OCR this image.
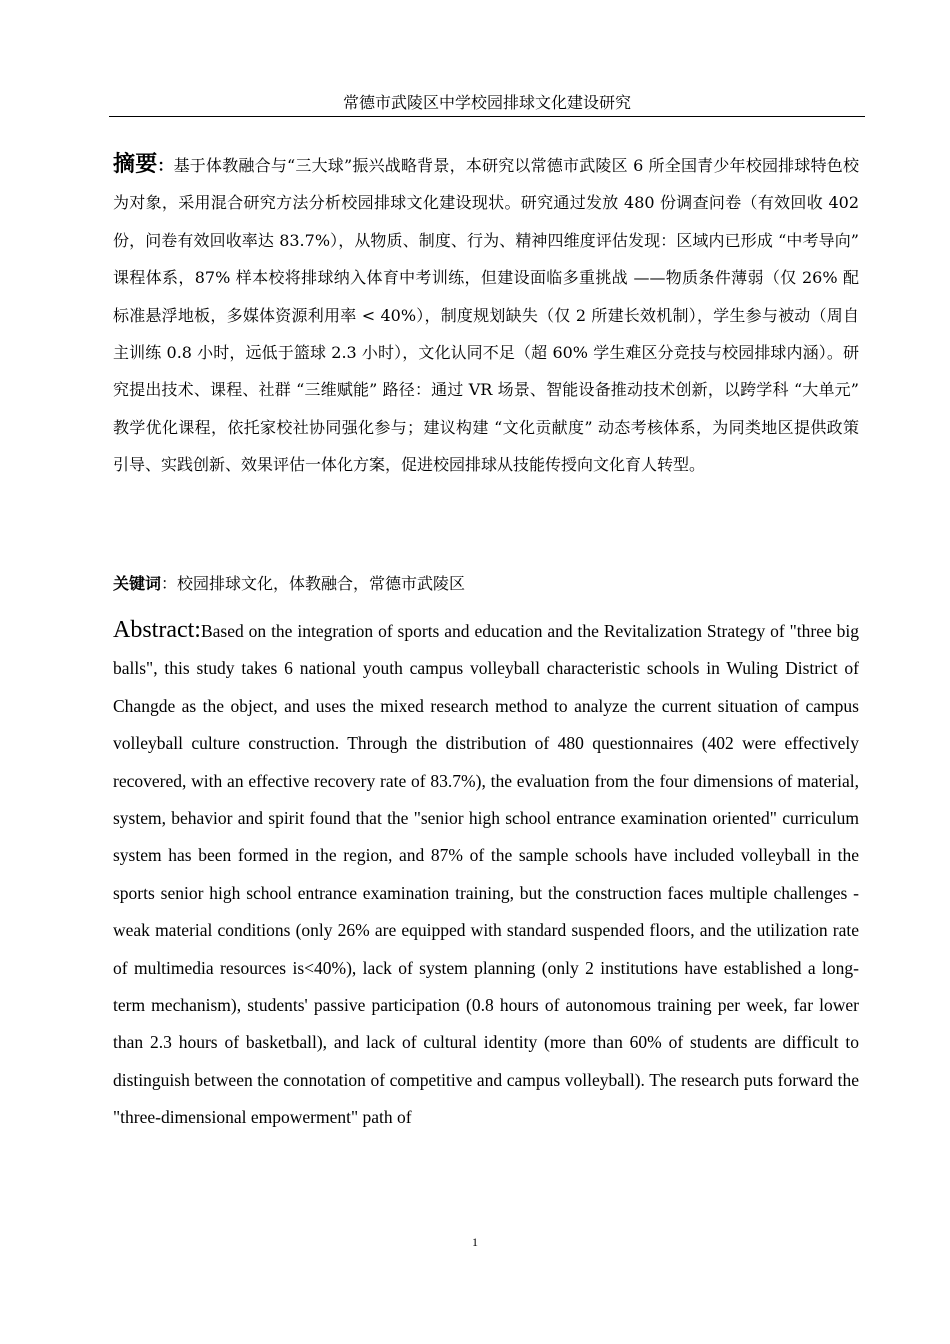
常德市武陵区中学校园排球文化建设研究
摘要：基于体教融合与“三大球”振兴战略背景，本研究以常德市武陵区 6 所全国青少年校园排球特色校为对象，采用混合研究方法分析校园排球文化建设现状。研究通过发放 480 份调查问卷（有效回收 402 份，问卷有效回收率达 83.7%），从物质、制度、行为、精神四维度评估发现：区域内已形成 “中考导向” 课程体系，87% 样本校将排球纳入体育中考训练，但建设面临多重挑战 ——物质条件薄弱（仅 26% 配标准悬浮地板，多媒体资源利用率 < 40%），制度规划缺失（仅 2 所建长效机制），学生参与被动（周自主训练 0.8 小时，远低于篮球 2.3 小时），文化认同不足（超 60% 学生难区分竞技与校园排球内涵）。研究提出技术、课程、社群 “三维赋能” 路径：通过 VR 场景、智能设备推动技术创新，以跨学科 “大单元” 教学优化课程，依托家校社协同强化参与；建议构建 “文化贡献度” 动态考核体系，为同类地区提供政策引导、实践创新、效果评估一体化方案，促进校园排球从技能传授向文化育人转型。
关键词：校园排球文化，体教融合，常德市武陵区
Abstract:Based on the integration of sports and education and the Revitalization Strategy of "three big balls", this study takes 6 national youth campus volleyball characteristic schools in Wuling District of Changde as the object, and uses the mixed research method to analyze the current situation of campus volleyball culture construction. Through the distribution of 480 questionnaires (402 were effectively recovered, with an effective recovery rate of 83.7%), the evaluation from the four dimensions of material, system, behavior and spirit found that the "senior high school entrance examination oriented" curriculum system has been formed in the region, and 87% of the sample schools have included volleyball in the sports senior high school entrance examination training, but the construction faces multiple challenges - weak material conditions (only 26% are equipped with standard suspended floors, and the utilization rate of multimedia resources is<40%), lack of system planning (only 2 institutions have established a long-term mechanism), students' passive participation (0.8 hours of autonomous training per week, far lower than 2.3 hours of basketball), and lack of cultural identity (more than 60% of students are difficult to distinguish between the connotation of competitive and campus volleyball). The research puts forward the "three-dimensional empowerment" path of
1
